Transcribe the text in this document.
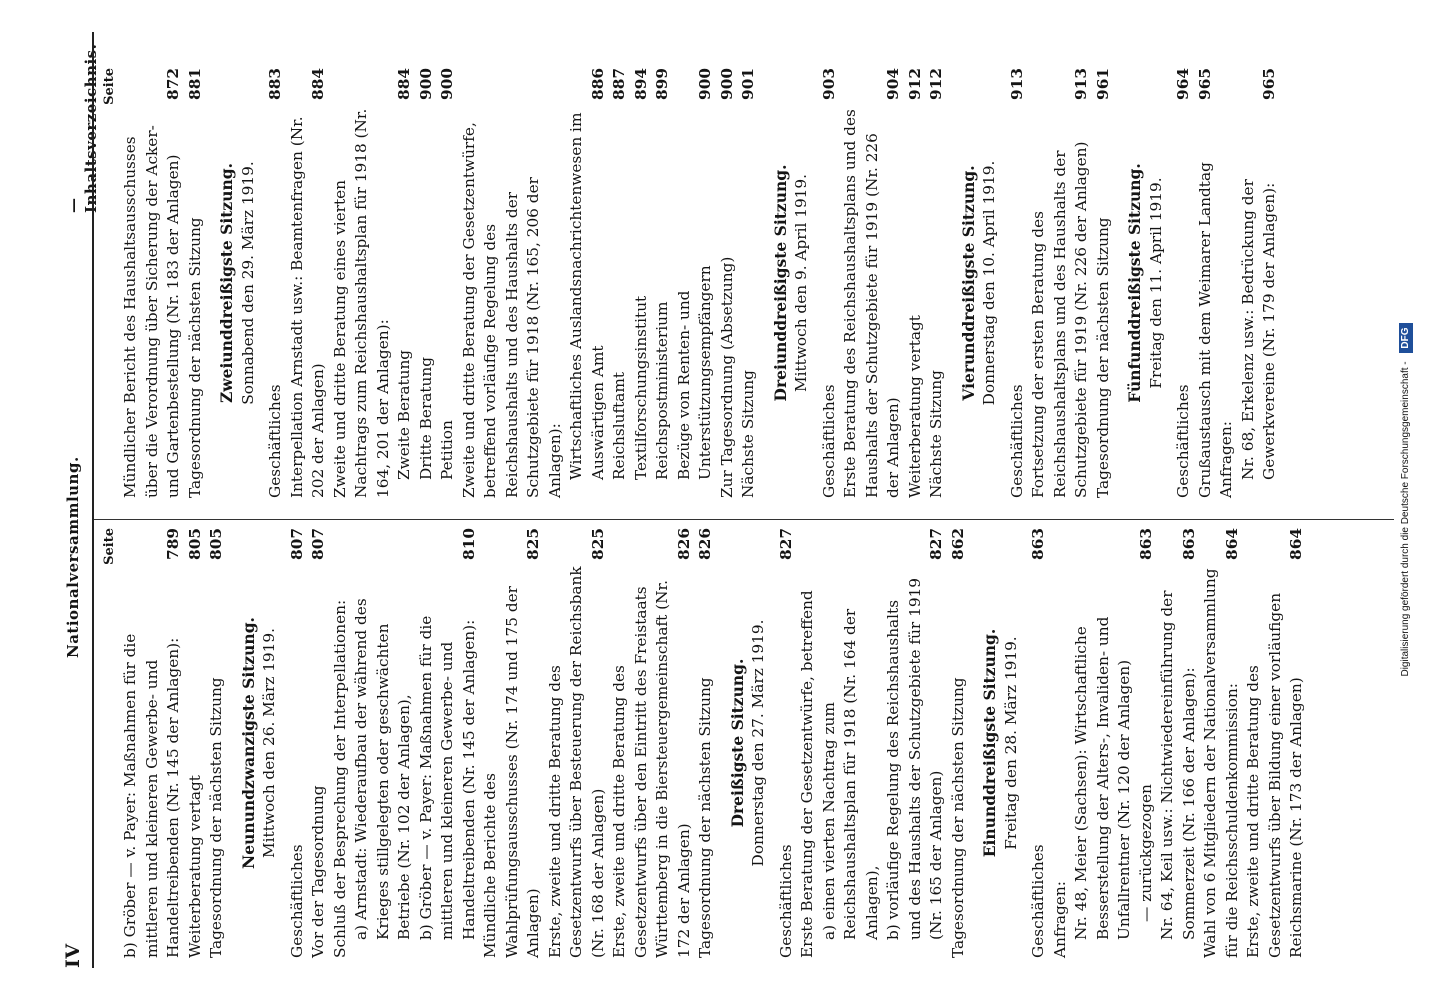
IV
Nationalversammlung.
— Inhaltsverzeichnis.
Seite
b) Gröber — v. Payer: Maßnahmen für die mittleren und kleineren Gewerbe- und Handeltreibenden (Nr. 145 der Anlagen):
789
Weiterberatung vertagt
805
Tagesordnung der nächsten Sitzung
805
Neunundzwanzigste Sitzung. Mittwoch den 26. März 1919.
Geschäftliches
807
Vor der Tagesordnung
807
Schluß der Besprechung der Interpellationen: a) Arnstadt: Wiederaufbau der während des Krieges stillgelegten oder geschwächten Betriebe (Nr. 102 der Anlagen), b) Gröber — v. Payer: Maßnahmen für die mittleren und kleineren Gewerbe- und Handeltreibenden (Nr. 145 der Anlagen):
810
Mündliche Berichte des Wahlprüfungsausschusses (Nr. 174 und 175 der Anlagen)
825
Erste, zweite und dritte Beratung des Gesetzentwurfs über Besteuerung der Reichsbank (Nr. 168 der Anlagen)
825
Erste, zweite und dritte Beratung des Gesetzentwurfs über den Eintritt des Freistaats Württemberg in die Biersteuergemeinschaft (Nr. 172 der Anlagen)
826
Tagesordnung der nächsten Sitzung
826
Dreißigste Sitzung. Donnerstag den 27. März 1919.
Geschäftliches
827
Erste Beratung der Gesetzentwürfe, betreffend a) einen vierten Nachtrag zum Reichshaushaltsplan für 1918 (Nr. 164 der Anlagen), b) vorläufige Regelung des Reichshaushalts und des Haushalts der Schutzgebiete für 1919 (Nr. 165 der Anlagen)
827
Tagesordnung der nächsten Sitzung
862
Einunddreißigste Sitzung. Freitag den 28. März 1919.
Geschäftliches
863
Anfragen: Nr. 48, Meier (Sachsen): Wirtschaftliche Besserstellung der Alters-, Invaliden- und Unfallrentner (Nr. 120 der Anlagen) — zurückgezogen
863
Nr. 64, Keil usw.: Nichtwiedereinführung der Sommerzeit (Nr. 166 der Anlagen):
863
Wahl von 6 Mitgliedern der Nationalversammlung für die Reichsschuldenkommission:
864
Erste, zweite und dritte Beratung des Gesetzentwurfs über Bildung einer vorläufigen Reichsmarine (Nr. 173 der Anlagen)
864
Seite
Mündlicher Bericht des Haushaltsausschusses über die Verordnung über Sicherung der Acker- und Gartenbestellung (Nr. 183 der Anlagen)
872
Tagesordnung der nächsten Sitzung
881
Zweiunddreißigste Sitzung. Sonnabend den 29. März 1919.
Geschäftliches
883
Interpellation Arnstadt usw.: Beamtenfragen (Nr. 202 der Anlagen)
884
Zweite und dritte Beratung eines vierten Nachtrags zum Reichshaushaltsplan für 1918 (Nr. 164, 201 der Anlagen): Zweite Beratung
884
Dritte Beratung
900
Petition
900
Zweite und dritte Beratung der Gesetzentwürfe, betreffend vorläufige Regelung des Reichshaushalts und des Haushalts der Schutzgebiete für 1918 (Nr. 165, 206 der Anlagen): Wirtschaftliches Auslandsnachrichtenwesen im Auswärtigen Amt
886
Reichsluftamt
887
Textilforschungsinstitut
894
Reichspostministerium
899
Bezüge von Renten- und Unterstützungsempfängern
900
Zur Tagesordnung (Absetzung)
900
Nächste Sitzung
901
Dreiunddreißigste Sitzung. Mittwoch den 9. April 1919.
Geschäftliches
903
Erste Beratung des Reichshaushaltsplans und des Haushalts der Schutzgebiete für 1919 (Nr. 226 der Anlagen)
904
Weiterberatung vertagt
912
Nächste Sitzung
912
Vierunddreißigste Sitzung. Donnerstag den 10. April 1919.
Geschäftliches
913
Fortsetzung der ersten Beratung des Reichshaushaltsplans und des Haushalts der Schutzgebiete für 1919 (Nr. 226 der Anlagen)
913
Tagesordnung der nächsten Sitzung
961
Fünfunddreißigste Sitzung. Freitag den 11. April 1919.
Geschäftliches
964
Grußaustausch mit dem Weimarer Landtag
965
Anfragen: Nr. 68, Erkelenz usw.: Bedrückung der Gewerkvereine (Nr. 179 der Anlagen):
965
Digitalisierung gefördert durch die Deutsche Forschungsgemeinschaft - DFG
